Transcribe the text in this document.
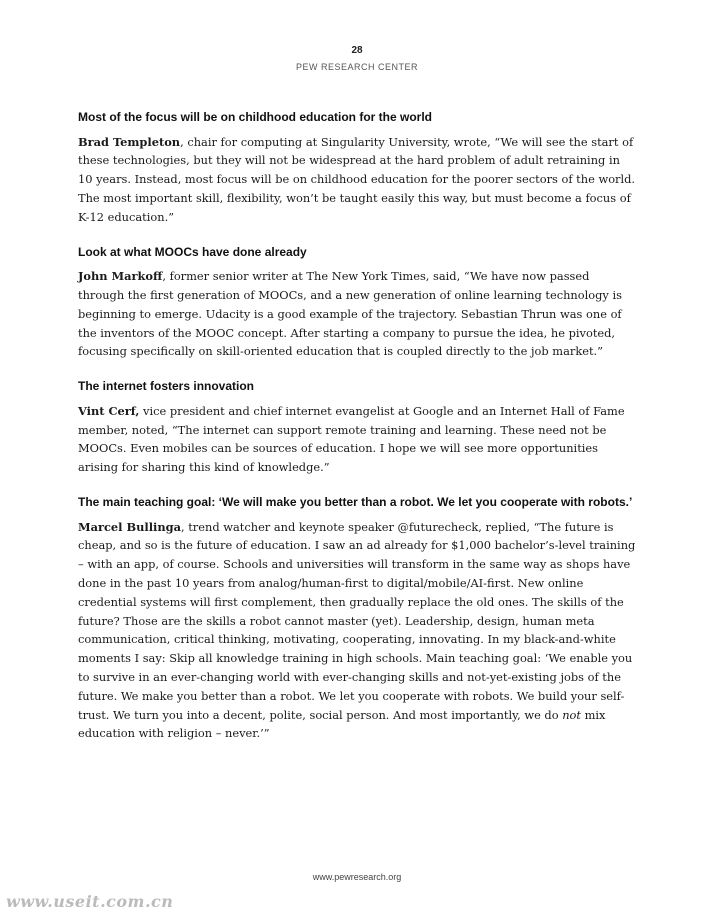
28
PEW RESEARCH CENTER

Most of the focus will be on childhood education for the world

Brad Templeton, chair for computing at Singularity University, wrote, “We will see the start of these technologies, but they will not be widespread at the hard problem of adult retraining in 10 years. Instead, most focus will be on childhood education for the poorer sectors of the world. The most important skill, flexibility, won’t be taught easily this way, but must become a focus of K-12 education.”

Look at what MOOCs have done already

John Markoff, former senior writer at The New York Times, said, “We have now passed through the first generation of MOOCs, and a new generation of online learning technology is beginning to emerge. Udacity is a good example of the trajectory. Sebastian Thrun was one of the inventors of the MOOC concept. After starting a company to pursue the idea, he pivoted, focusing specifically on skill-oriented education that is coupled directly to the job market.”

The internet fosters innovation

Vint Cerf, vice president and chief internet evangelist at Google and an Internet Hall of Fame member, noted, “The internet can support remote training and learning. These need not be MOOCs. Even mobiles can be sources of education. I hope we will see more opportunities arising for sharing this kind of knowledge.”

The main teaching goal: ‘We will make you better than a robot. We let you cooperate with robots.’

Marcel Bullinga, trend watcher and keynote speaker @futurecheck, replied, “The future is cheap, and so is the future of education. I saw an ad already for $1,000 bachelor’s-level training – with an app, of course. Schools and universities will transform in the same way as shops have done in the past 10 years from analog/human-first to digital/mobile/AI-first. New online credential systems will first complement, then gradually replace the old ones. The skills of the future? Those are the skills a robot cannot master (yet). Leadership, design, human meta communication, critical thinking, motivating, cooperating, innovating. In my black-and-white moments I say: Skip all knowledge training in high schools. Main teaching goal: ‘We enable you to survive in an ever-changing world with ever-changing skills and not-yet-existing jobs of the future. We make you better than a robot. We let you cooperate with robots. We build your self-trust. We turn you into a decent, polite, social person. And most importantly, we do not mix education with religion – never.’”

www.pewresearch.org
www.useit.com.cn
